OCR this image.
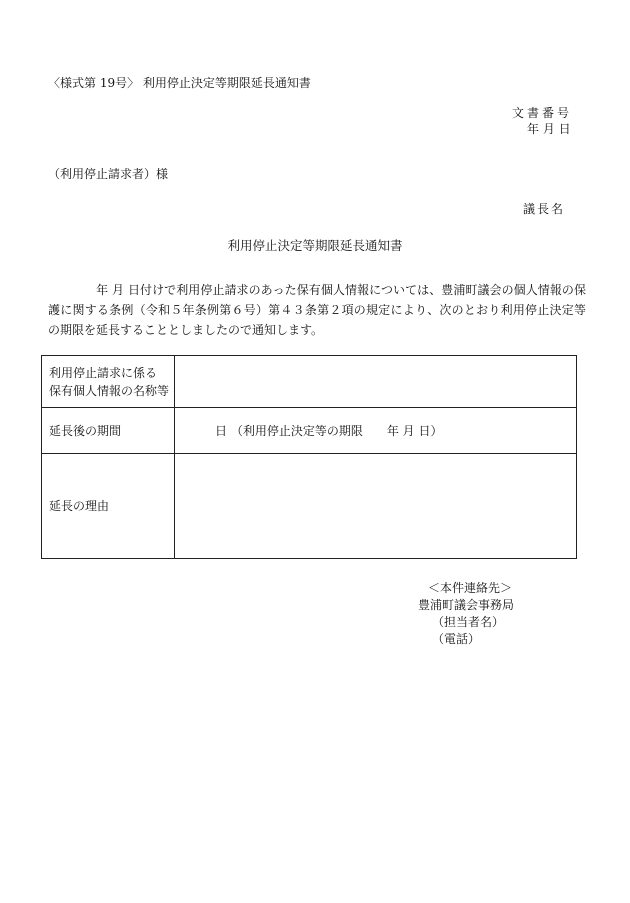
〈様式第 19号〉 利用停止決定等期限延長通知書
文書番号
年 月 日
（利用停止請求者）様
議長名
利用停止決定等期限延長通知書
年 月 日付けで利用停止請求のあった保有個人情報については、豊浦町議会の個人情報の保護に関する条例（令和５年条例第６号）第４３条第２項の規定により、次のとおり利用停止決定等の期限を延長することとしましたので通知します。
利用停止請求に係る
保有個人情報の名称等	

延長後の期間	日 （利用停止決定等の期限　　年 月 日）
延長の理由	
＜本件連絡先＞
豊浦町議会事務局
（担当者名）
（電話）
